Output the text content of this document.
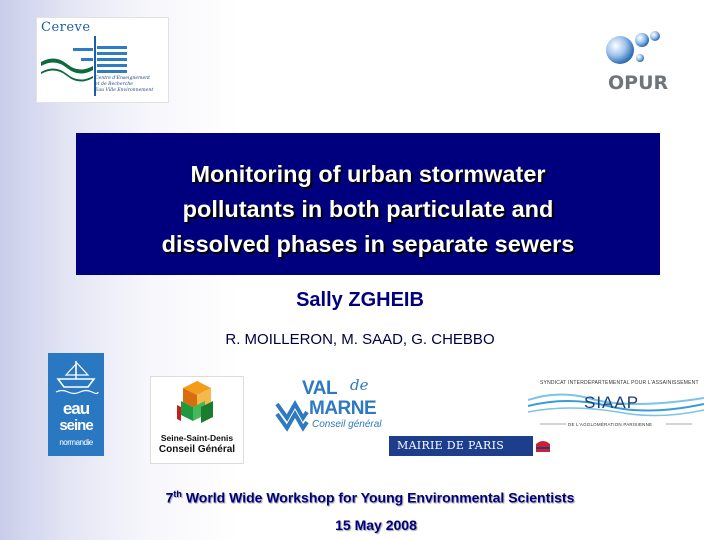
Cereve
Centre d'Enseignement
et de Recherche
Eau Ville Environnement	OPUR
Monitoring of urban stormwater
pollutants in both particulate and
dissolved phases in separate sewers
Sally ZGHEIB
R. MOILLERON, M. SAAD, G. CHEBBO
eau
seine
normandie	Seine-Saint-Denis
Conseil Général
VAL de
MARNE
Conseil général
SYNDICAT INTERDÉPARTEMENTAL POUR L'ASSAINISSEMENT
SIAAP
DE L'AGGLOMÉRATION PARISIENNE
MAIRIE DE PARIS
7th World Wide Workshop for Young Environmental Scientists
15 May 2008
